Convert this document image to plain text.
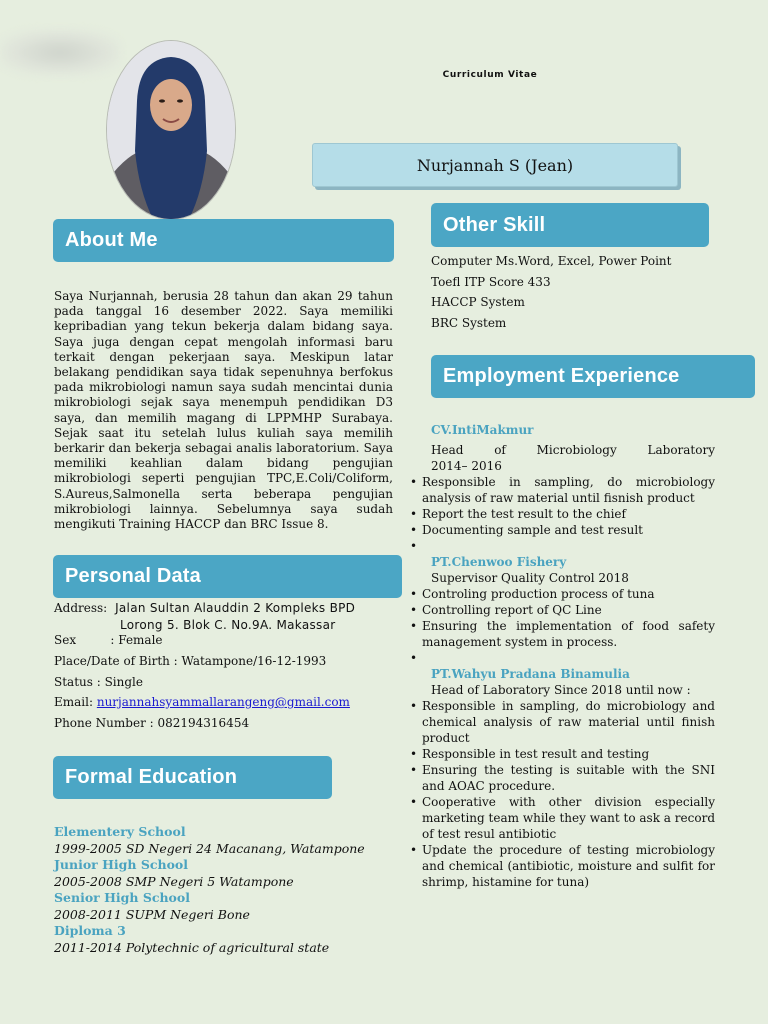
Curriculum Vitae
Nurjannah S (Jean)
About Me
Saya Nurjannah, berusia 28 tahun dan akan 29 tahun pada tanggal 16 desember 2022. Saya memiliki kepribadian yang tekun bekerja dalam bidang saya. Saya juga dengan cepat mengolah informasi baru terkait dengan pekerjaan saya. Meskipun latar belakang pendidikan saya tidak sepenuhnya berfokus pada mikrobiologi namun saya sudah mencintai dunia mikrobiologi sejak saya menempuh pendidikan D3 saya, dan memilih magang di LPPMHP Surabaya. Sejak saat itu setelah lulus kuliah saya memilih berkarir dan bekerja sebagai analis laboratorium. Saya memiliki keahlian dalam bidang pengujian mikrobiologi seperti pengujian TPC,E.Coli/Coliform, S.Aureus,Salmonella serta beberapa pengujian mikrobiologi lainnya. Sebelumnya saya sudah mengikuti Training HACCP dan BRC Issue 8.
Personal Data
Address: Jalan Sultan Alauddin 2 Kompleks BPD
Lorong 5. Blok C. No.9A. Makassar
Sex         : Female
Place/Date of Birth : Watampone/16-12-1993
Status : Single
Email: nurjannahsyammallarangeng@gmail.com
Phone Number : 082194316454
Formal Education
Elementery School
1999-2005 SD Negeri 24 Macanang, Watampone
Junior High School
2005-2008 SMP Negeri 5 Watampone
Senior High School
2008-2011 SUPM Negeri Bone
Diploma 3
2011-2014 Polytechnic of agricultural state
Other Skill
Computer Ms.Word, Excel, Power Point
Toefl ITP Score 433
HACCP System
BRC System
Employment Experience
CV.IntiMakmur
Head of Microbiology Laboratory
2014– 2016
• Responsible in sampling, do microbiology analysis of raw material until fisnish product
• Report the test result to the chief
• Documenting sample and test result
•
PT.Chenwoo Fishery
Supervisor Quality Control 2018
• Controling production process of tuna
• Controlling report of QC Line
• Ensuring the implementation of food safety management system in process.
•
PT.Wahyu Pradana Binamulia
Head of Laboratory Since 2018 until now :
• Responsible in sampling, do microbiology and chemical analysis of raw material until finish product
• Responsible in test result and testing
• Ensuring the testing is suitable with the SNI and AOAC procedure.
• Cooperative with other division especially marketing team while they want to ask a record of test resul antibiotic
• Update the procedure of testing microbiology and chemical (antibiotic, moisture and sulfit for shrimp, histamine for tuna)
